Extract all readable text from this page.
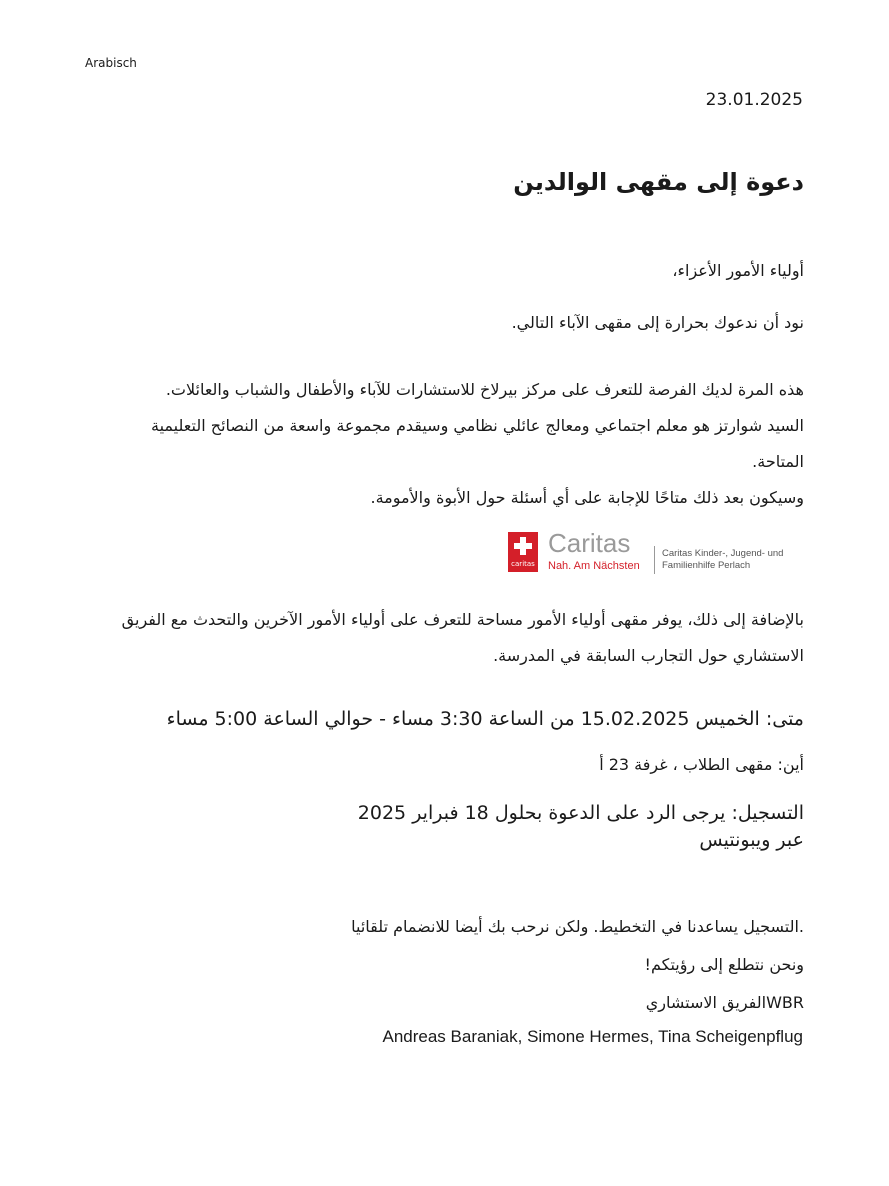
Arabisch
23.01.2025
دعوة إلى مقهى الوالدين
أولياء الأمور الأعزاء،
نود أن ندعوك بحرارة إلى مقهى الآباء التالي.
هذه المرة لديك الفرصة للتعرف على مركز بيرلاخ للاستشارات للآباء والأطفال والشباب والعائلات.
السيد شوارتز هو معلم اجتماعي ومعالج عائلي نظامي وسيقدم مجموعة واسعة من النصائح التعليمية
المتاحة.
وسيكون بعد ذلك متاحًا للإجابة على أي أسئلة حول الأبوة والأمومة.
caritas
Caritas
Nah. Am Nächsten
Caritas Kinder-, Jugend- und
Familienhilfe Perlach
بالإضافة إلى ذلك، يوفر مقهى أولياء الأمور مساحة للتعرف على أولياء الأمور الآخرين والتحدث مع الفريق
الاستشاري حول التجارب السابقة في المدرسة.
متى: الخميس 15.02.2025 من الساعة 3:30 مساء - حوالي الساعة 5:00 مساء
أين: مقهى الطلاب ، غرفة 23 أ
التسجيل: يرجى الرد على الدعوة بحلول 18 فبراير 2025
عبر ويبونتيس
.التسجيل يساعدنا في التخطيط. ولكن نرحب بك أيضا للانضمام تلقائيا
ونحن نتطلع إلى رؤيتكم!
WBRالفريق الاستشاري
Andreas Baraniak, Simone Hermes, Tina Scheigenpflug
